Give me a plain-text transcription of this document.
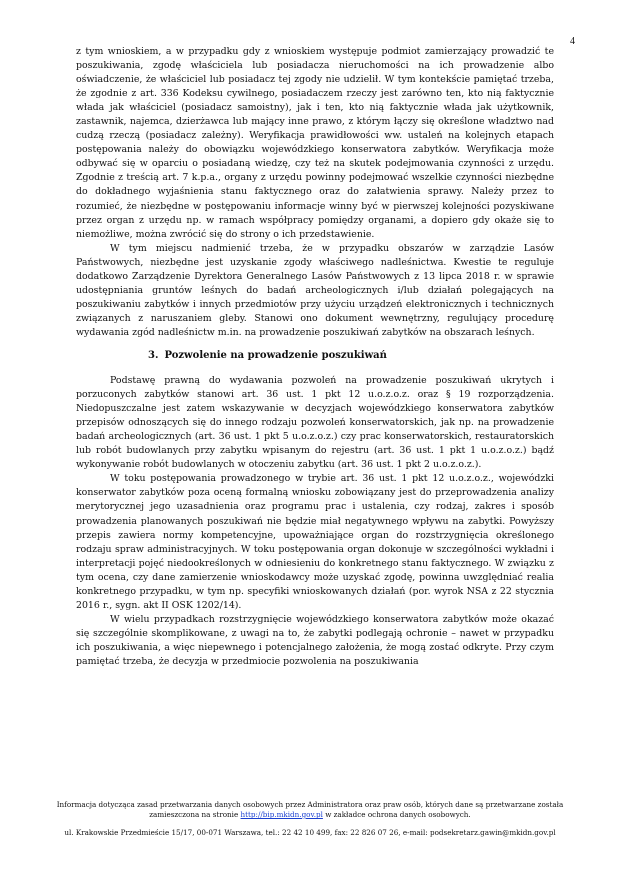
4

z tym wnioskiem, a w przypadku gdy z wnioskiem występuje podmiot zamierzający prowadzić te poszukiwania, zgodę właściciela lub posiadacza nieruchomości na ich prowadzenie albo oświadczenie, że właściciel lub posiadacz tej zgody nie udzielił. W tym kontekście pamiętać trzeba, że zgodnie z art. 336 Kodeksu cywilnego, posiadaczem rzeczy jest zarówno ten, kto nią faktycznie włada jak właściciel (posiadacz samoistny), jak i ten, kto nią faktycznie włada jak użytkownik, zastawnik, najemca, dzierżawca lub mający inne prawo, z którym łączy się określone władztwo nad cudzą rzeczą (posiadacz zależny). Weryfikacja prawidłowości ww. ustaleń na kolejnych etapach postępowania należy do obowiązku wojewódzkiego konserwatora zabytków. Weryfikacja może odbywać się w oparciu o posiadaną wiedzę, czy też na skutek podejmowania czynności z urzędu. Zgodnie z treścią art. 7 k.p.a., organy z urzędu powinny podejmować wszelkie czynności niezbędne do dokładnego wyjaśnienia stanu faktycznego oraz do załatwienia sprawy. Należy przez to rozumieć, że niezbędne w postępowaniu informacje winny być w pierwszej kolejności pozyskiwane przez organ z urzędu np. w ramach współpracy pomiędzy organami, a dopiero gdy okaże się to niemożliwe, można zwrócić się do strony o ich przedstawienie.

W tym miejscu nadmienić trzeba, że w przypadku obszarów w zarządzie Lasów Państwowych, niezbędne jest uzyskanie zgody właściwego nadleśnictwa. Kwestie te reguluje dodatkowo Zarządzenie Dyrektora Generalnego Lasów Państwowych z 13 lipca 2018 r. w sprawie udostępniania gruntów leśnych do badań archeologicznych i/lub działań polegających na poszukiwaniu zabytków i innych przedmiotów przy użyciu urządzeń elektronicznych i technicznych związanych z naruszaniem gleby. Stanowi ono dokument wewnętrzny, regulujący procedurę wydawania zgód nadleśnictw m.in. na prowadzenie poszukiwań zabytków na obszarach leśnych.

3. Pozwolenie na prowadzenie poszukiwań

Podstawę prawną do wydawania pozwoleń na prowadzenie poszukiwań ukrytych i porzuconych zabytków stanowi art. 36 ust. 1 pkt 12 u.o.z.o.z. oraz § 19 rozporządzenia. Niedopuszczalne jest zatem wskazywanie w decyzjach wojewódzkiego konserwatora zabytków przepisów odnoszących się do innego rodzaju pozwoleń konserwatorskich, jak np. na prowadzenie badań archeologicznych (art. 36 ust. 1 pkt 5 u.o.z.o.z.) czy prac konserwatorskich, restauratorskich lub robót budowlanych przy zabytku wpisanym do rejestru (art. 36 ust. 1 pkt 1 u.o.z.o.z.) bądź wykonywanie robót budowlanych w otoczeniu zabytku (art. 36 ust. 1 pkt 2 u.o.z.o.z.).

W toku postępowania prowadzonego w trybie art. 36 ust. 1 pkt 12 u.o.z.o.z., wojewódzki konserwator zabytków poza oceną formalną wniosku zobowiązany jest do przeprowadzenia analizy merytorycznej jego uzasadnienia oraz programu prac i ustalenia, czy rodzaj, zakres i sposób prowadzenia planowanych poszukiwań nie będzie miał negatywnego wpływu na zabytki. Powyższy przepis zawiera normy kompetencyjne, upoważniające organ do rozstrzygnięcia określonego rodzaju spraw administracyjnych. W toku postępowania organ dokonuje w szczególności wykładni i interpretacji pojęć niedookreślonych w odniesieniu do konkretnego stanu faktycznego. W związku z tym ocena, czy dane zamierzenie wnioskodawcy może uzyskać zgodę, powinna uwzględniać realia konkretnego przypadku, w tym np. specyfiki wnioskowanych działań (por. wyrok NSA z 22 stycznia 2016 r., sygn. akt II OSK 1202/14).

W wielu przypadkach rozstrzygnięcie wojewódzkiego konserwatora zabytków może okazać się szczególnie skomplikowane, z uwagi na to, że zabytki podlegają ochronie – nawet w przypadku ich poszukiwania, a więc niepewnego i potencjalnego założenia, że mogą zostać odkryte. Przy czym pamiętać trzeba, że decyzja w przedmiocie pozwolenia na poszukiwania

Informacja dotycząca zasad przetwarzania danych osobowych przez Administratora oraz praw osób, których dane są przetwarzane została
zamieszczona na stronie http://bip.mkidn.gov.pl w zakładce ochrona danych osobowych.
ul. Krakowskie Przedmieście 15/17, 00-071 Warszawa, tel.: 22 42 10 499, fax: 22 826 07 26, e-mail: podsekretarz.gawin@mkidn.gov.pl
